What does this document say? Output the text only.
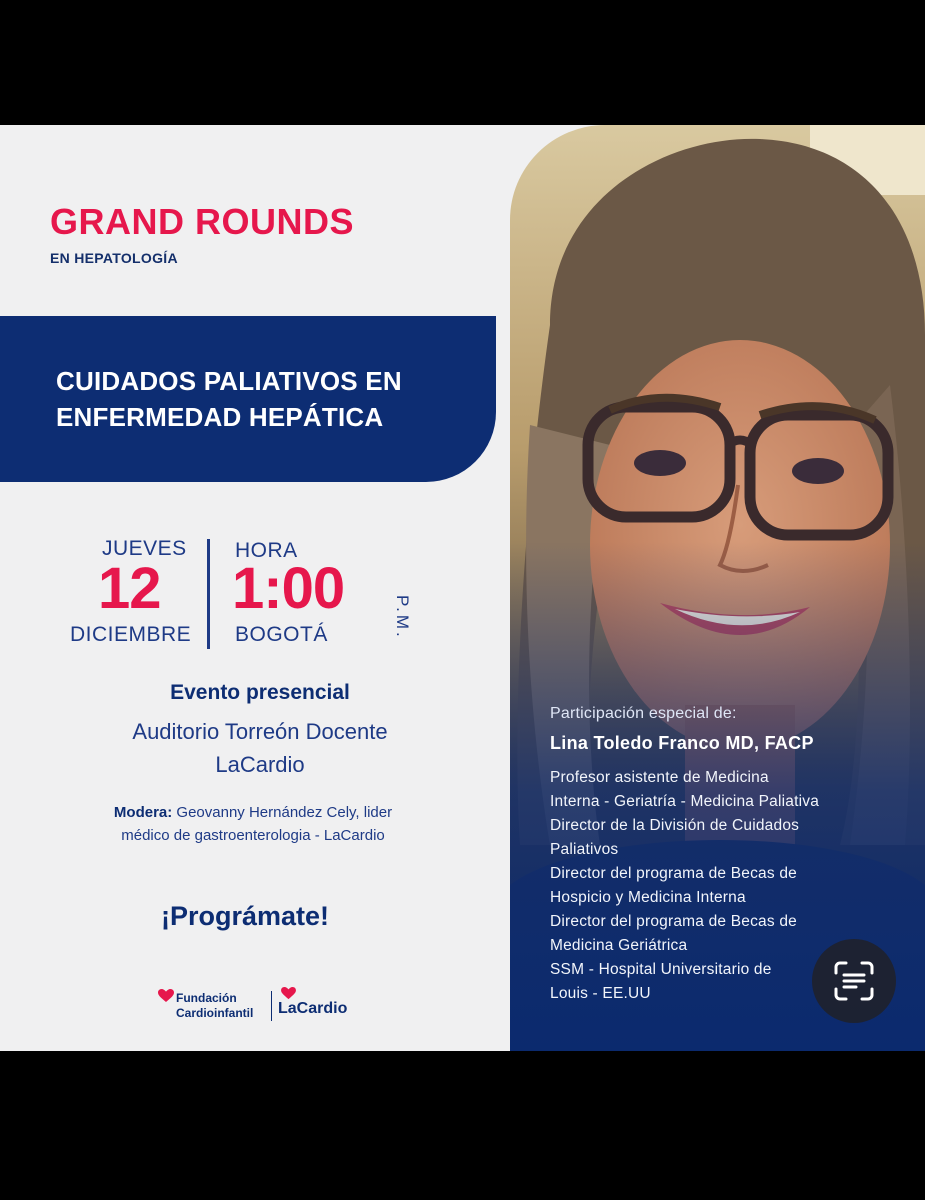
GRAND ROUNDS
EN HEPATOLOGÍA
CUIDADOS PALIATIVOS EN
ENFERMEDAD HEPÁTICA
JUEVES
12
DICIEMBRE
HORA
1:00
BOGOTÁ	P.M.
Evento presencial
Auditorio Torreón Docente
LaCardio
Modera: Geovanny Hernández Cely, lider
médico de gastroenterologia - LaCardio
¡Prográmate!
Fundación
Cardioinfantil LaCardio

Participación especial de:

Lina Toledo Franco MD, FACP

Profesor asistente de Medicina
Interna - Geriatría - Medicina Paliativa
Director de la División de Cuidados
Paliativos
Director del programa de Becas de
Hospicio y Medicina Interna
Director del programa de Becas de
Medicina Geriátrica
SSM - Hospital Universitario de
Louis - EE.UU
